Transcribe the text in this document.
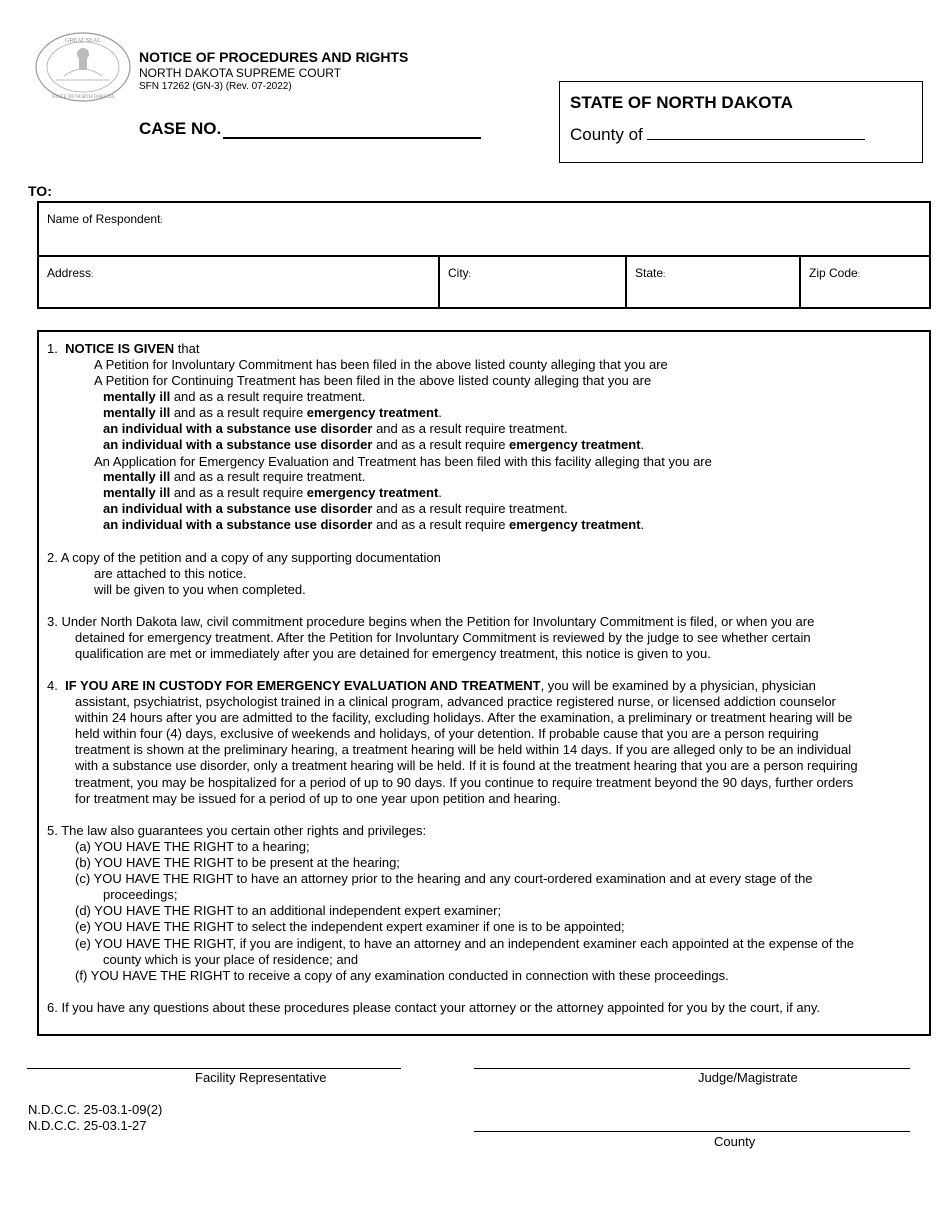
GREAT SEAL
STATE OF NORTH DAKOTA
NOTICE OF PROCEDURES AND RIGHTS
NORTH DAKOTA SUPREME COURT
SFN 17262 (GN-3) (Rev. 07-2022)
CASE NO.
STATE OF NORTH DAKOTA
County of
TO:
Name of Respondent:
Address:	City:	State:	Zip Code:
1. NOTICE IS GIVEN that
A Petition for Involuntary Commitment has been filed in the above listed county alleging that you are
A Petition for Continuing Treatment has been filed in the above listed county alleging that you are
mentally ill and as a result require treatment.
mentally ill and as a result require emergency treatment.
an individual with a substance use disorder and as a result require treatment.
an individual with a substance use disorder and as a result require emergency treatment.
An Application for Emergency Evaluation and Treatment has been filed with this facility alleging that you are
mentally ill and as a result require treatment.
mentally ill and as a result require emergency treatment.
an individual with a substance use disorder and as a result require treatment.
an individual with a substance use disorder and as a result require emergency treatment.
2. A copy of the petition and a copy of any supporting documentation
are attached to this notice.
will be given to you when completed.
3. Under North Dakota law, civil commitment procedure begins when the Petition for Involuntary Commitment is filed, or when you are
detained for emergency treatment. After the Petition for Involuntary Commitment is reviewed by the judge to see whether certain
qualification are met or immediately after you are detained for emergency treatment, this notice is given to you.
4. IF YOU ARE IN CUSTODY FOR EMERGENCY EVALUATION AND TREATMENT, you will be examined by a physician, physician
assistant, psychiatrist, psychologist trained in a clinical program, advanced practice registered nurse, or licensed addiction counselor
within 24 hours after you are admitted to the facility, excluding holidays. After the examination, a preliminary or treatment hearing will be
held within four (4) days, exclusive of weekends and holidays, of your detention. If probable cause that you are a person requiring
treatment is shown at the preliminary hearing, a treatment hearing will be held within 14 days. If you are alleged only to be an individual
with a substance use disorder, only a treatment hearing will be held. If it is found at the treatment hearing that you are a person requiring
treatment, you may be hospitalized for a period of up to 90 days. If you continue to require treatment beyond the 90 days, further orders
for treatment may be issued for a period of up to one year upon petition and hearing.
5. The law also guarantees you certain other rights and privileges:
(a) YOU HAVE THE RIGHT to a hearing;
(b) YOU HAVE THE RIGHT to be present at the hearing;
(c) YOU HAVE THE RIGHT to have an attorney prior to the hearing and any court-ordered examination and at every stage of the
proceedings;
(d) YOU HAVE THE RIGHT to an additional independent expert examiner;
(e) YOU HAVE THE RIGHT to select the independent expert examiner if one is to be appointed;
(e) YOU HAVE THE RIGHT, if you are indigent, to have an attorney and an independent examiner each appointed at the expense of the
county which is your place of residence; and
(f) YOU HAVE THE RIGHT to receive a copy of any examination conducted in connection with these proceedings.
6. If you have any questions about these procedures please contact your attorney or the attorney appointed for you by the court, if any.
Facility Representative	Judge/Magistrate
County
N.D.C.C. 25-03.1-09(2)
N.D.C.C. 25-03.1-27
